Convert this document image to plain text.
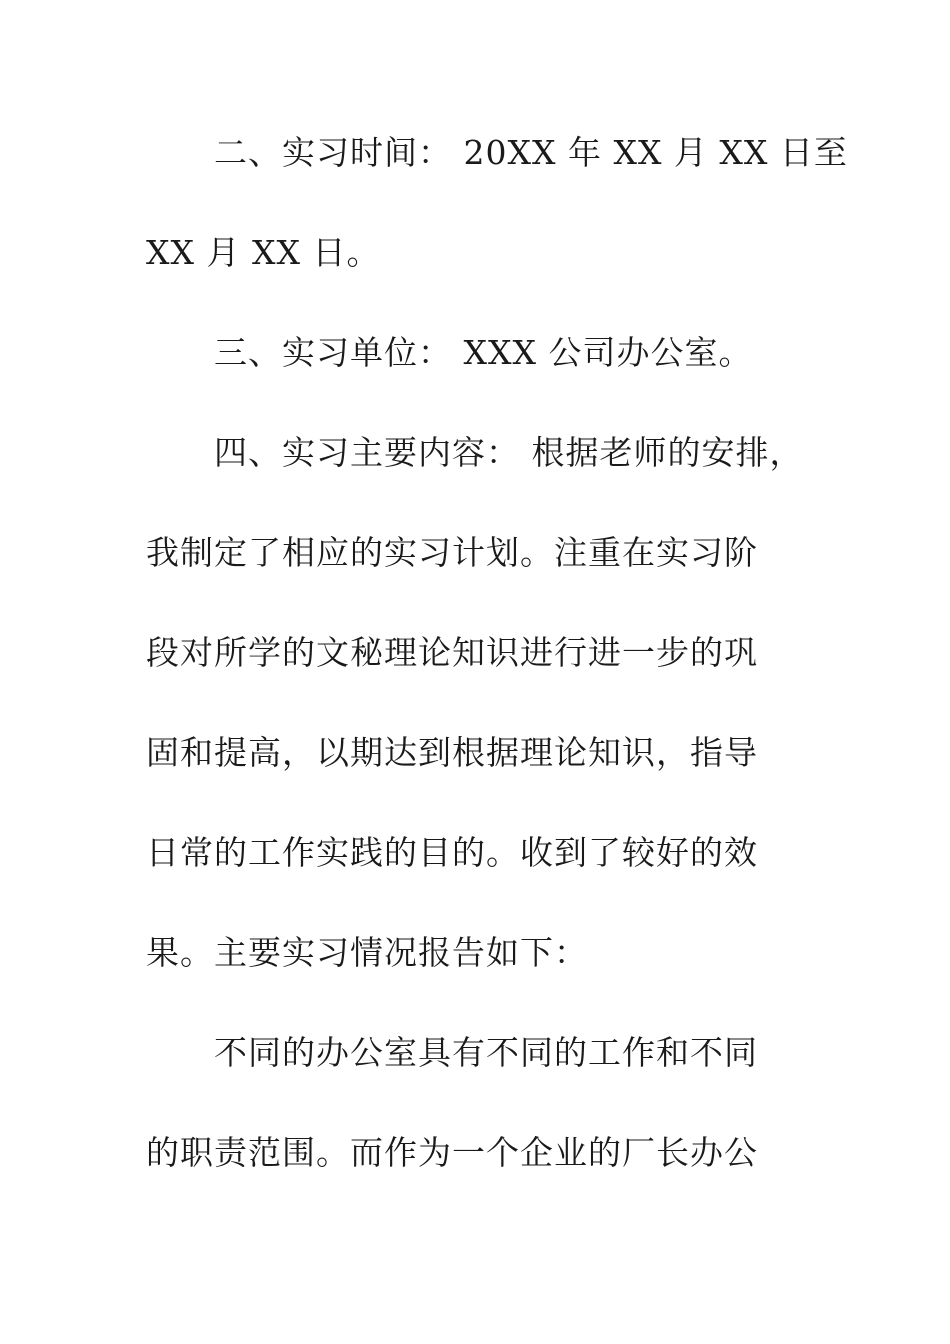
二、实习时间： 20XX 年 XX 月 XX 日至
XX 月 XX 日。
三、实习单位： XXX 公司办公室。
四、实习主要内容： 根据老师的安排，
我制定了相应的实习计划。注重在实习阶
段对所学的文秘理论知识进行进一步的巩
固和提高，以期达到根据理论知识，指导
日常的工作实践的目的。收到了较好的效
果。主要实习情况报告如下：
不同的办公室具有不同的工作和不同
的职责范围。而作为一个企业的厂长办公
